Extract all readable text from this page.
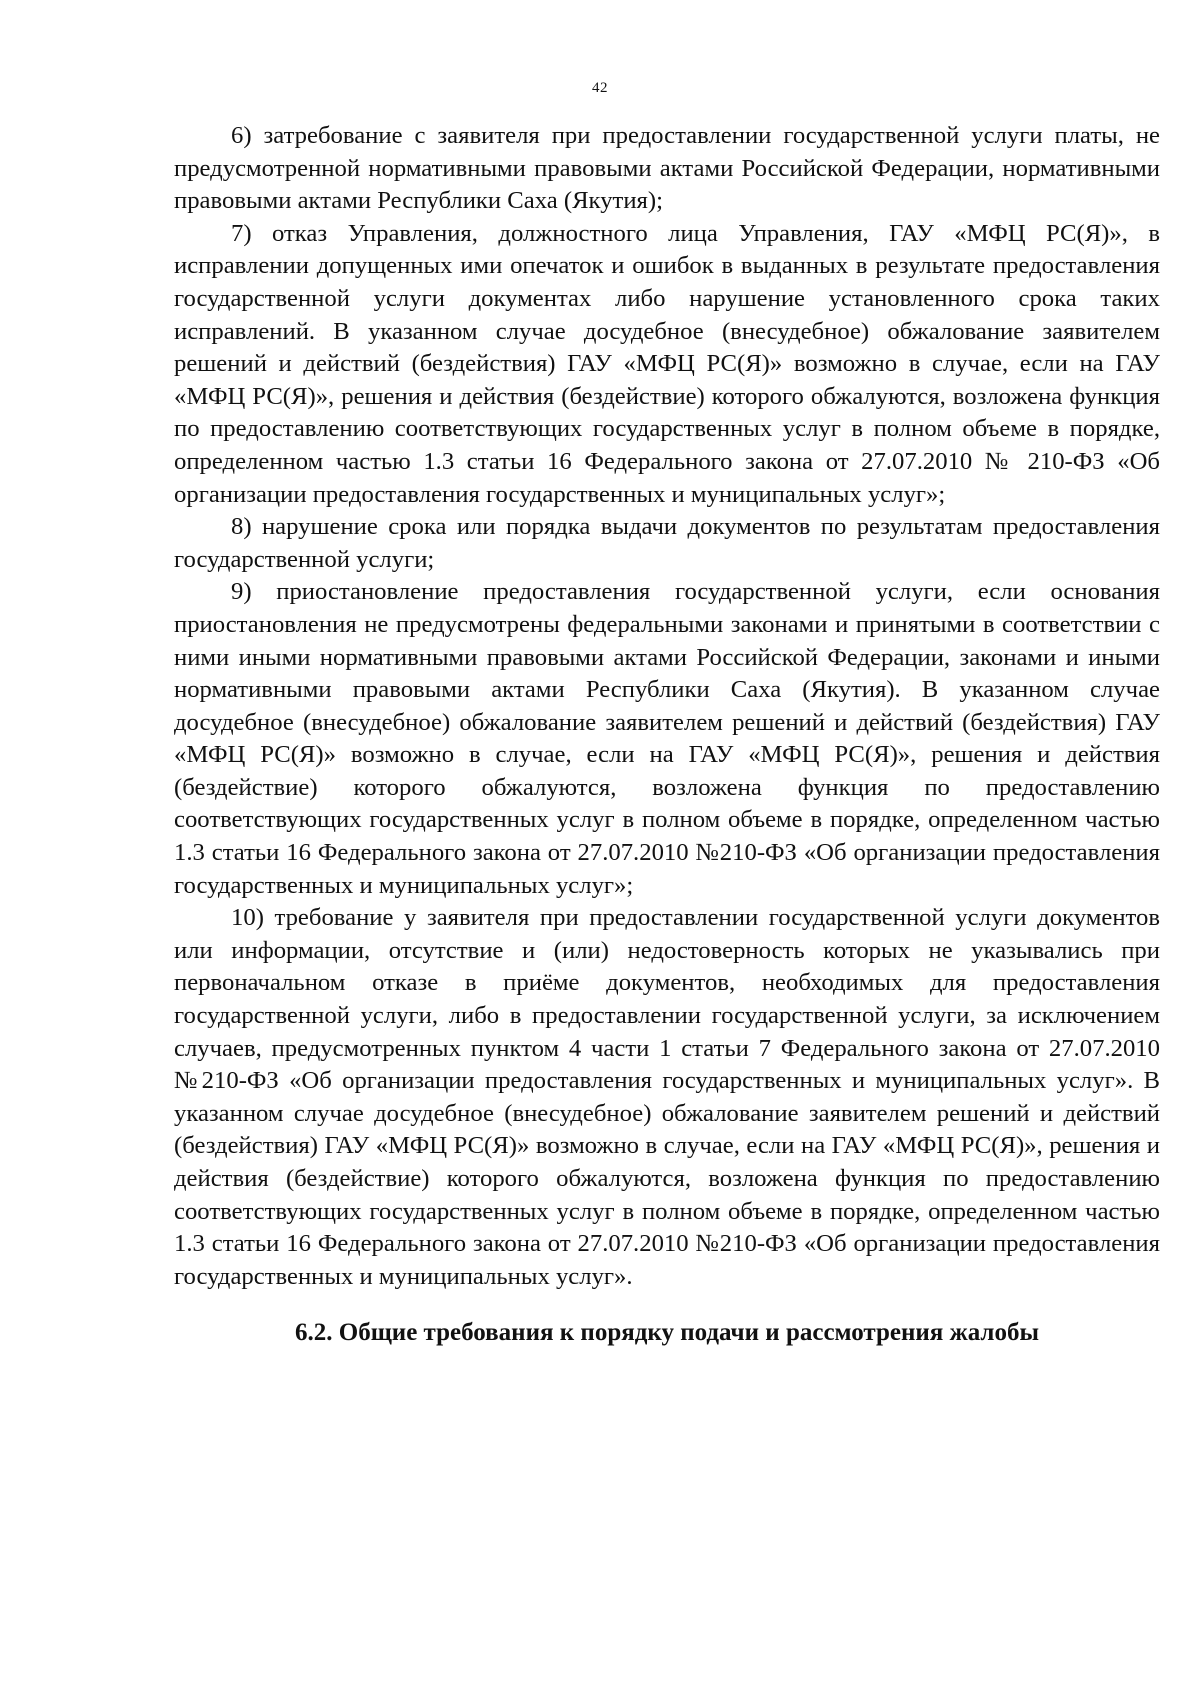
42

6) затребование с заявителя при предоставлении государственной услуги платы, не предусмотренной нормативными правовыми актами Российской Федерации, нормативными правовыми актами Республики Саха (Якутия);

7) отказ Управления, должностного лица Управления, ГАУ «МФЦ РС(Я)», в исправлении допущенных ими опечаток и ошибок в выданных в результате предоставления государственной услуги документах либо нарушение установленного срока таких исправлений. В указанном случае досудебное (внесудебное) обжалование заявителем решений и действий (бездействия) ГАУ «МФЦ РС(Я)» возможно в случае, если на ГАУ «МФЦ РС(Я)», решения и действия (бездействие) которого обжалуются, возложена функция по предоставлению соответствующих государственных услуг в полном объеме в порядке, определенном частью 1.3 статьи 16 Федерального закона от 27.07.2010 № 210-ФЗ «Об организации предоставления государственных и муниципальных услуг»;

8) нарушение срока или порядка выдачи документов по результатам предоставления государственной услуги;

9) приостановление предоставления государственной услуги, если основания приостановления не предусмотрены федеральными законами и принятыми в соответствии с ними иными нормативными правовыми актами Российской Федерации, законами и иными нормативными правовыми актами Республики Саха (Якутия). В указанном случае досудебное (внесудебное) обжалование заявителем решений и действий (бездействия) ГАУ «МФЦ РС(Я)» возможно в случае, если на ГАУ «МФЦ РС(Я)», решения и действия (бездействие) которого обжалуются, возложена функция по предоставлению соответствующих государственных услуг в полном объеме в порядке, определенном частью 1.3 статьи 16 Федерального закона от 27.07.2010 №210-ФЗ «Об организации предоставления государственных и муниципальных услуг»;

10) требование у заявителя при предоставлении государственной услуги документов или информации, отсутствие и (или) недостоверность которых не указывались при первоначальном отказе в приёме документов, необходимых для предоставления государственной услуги, либо в предоставлении государственной услуги, за исключением случаев, предусмотренных пунктом 4 части 1 статьи 7 Федерального закона от 27.07.2010 №210-ФЗ «Об организации предоставления государственных и муниципальных услуг». В указанном случае досудебное (внесудебное) обжалование заявителем решений и действий (бездействия) ГАУ «МФЦ РС(Я)» возможно в случае, если на ГАУ «МФЦ РС(Я)», решения и действия (бездействие) которого обжалуются, возложена функция по предоставлению соответствующих государственных услуг в полном объеме в порядке, определенном частью 1.3 статьи 16 Федерального закона от 27.07.2010 №210-ФЗ «Об организации предоставления государственных и муниципальных услуг».

6.2. Общие требования к порядку подачи и рассмотрения жалобы
